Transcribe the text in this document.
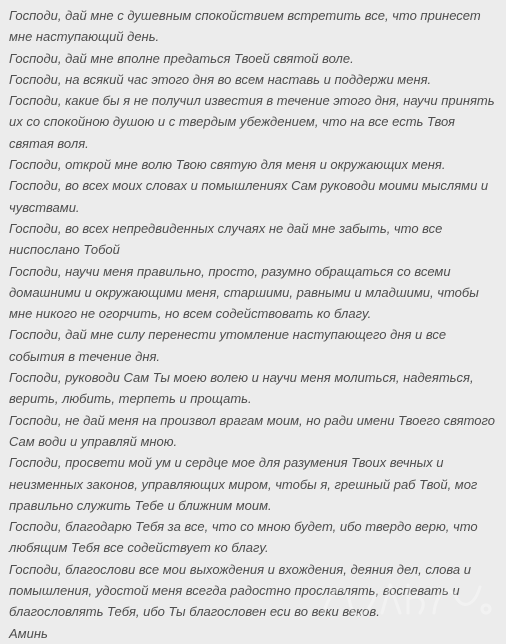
Господи, дай мне с душевным спокойствием встретить все, что принесет
мне наступающий день.
Господи, дай мне вполне предаться Твоей святой воле.
Господи, на всякий час этого дня во всем наставь и поддержи меня.
Господи, какие бы я не получил известия в течение этого дня, научи принять
их со спокойною душою и с твердым убеждением, что на все есть Твоя
святая воля.
Господи, открой мне волю Твою святую для меня и окружающих меня.
Господи, во всех моих словах и помышлениях Сам руководи моими мыслями и
чувствами.
Господи, во всех непредвиденных случаях не дай мне забыть, что все
ниспослано Тобой
Господи, научи меня правильно, просто, разумно обращаться со всеми
домашними и окружающими меня, старшими, равными и младшими, чтобы
мне никого не огорчить, но всем содействовать ко благу.
Господи, дай мне силу перенести утомление наступающего дня и все
события в течение дня.
Господи, руководи Сам Ты моею волею и научи меня молиться, надеяться,
верить, любить, терпеть и прощать.
Господи, не дай меня на произвол врагам моим, но ради имени Твоего святого
Сам води и управляй мною.
Господи, просвети мой ум и сердце мое для разумения Твоих вечных и
неизменных законов, управляющих миром, чтобы я, грешный раб Твой, мог
правильно служить Тебе и ближним моим.
Господи, благодарю Тебя за все, что со мною будет, ибо твердо верю, что
любящим Тебя все содействует ко благу.
Господи, благослови все мои выхождения и вхождения, деяния дел, слова и
помышления, удостой меня всегда радостно прославлять, воспевать и
благословлять Тебя, ибо Ты благословен еси во веки веков.
Аминь
